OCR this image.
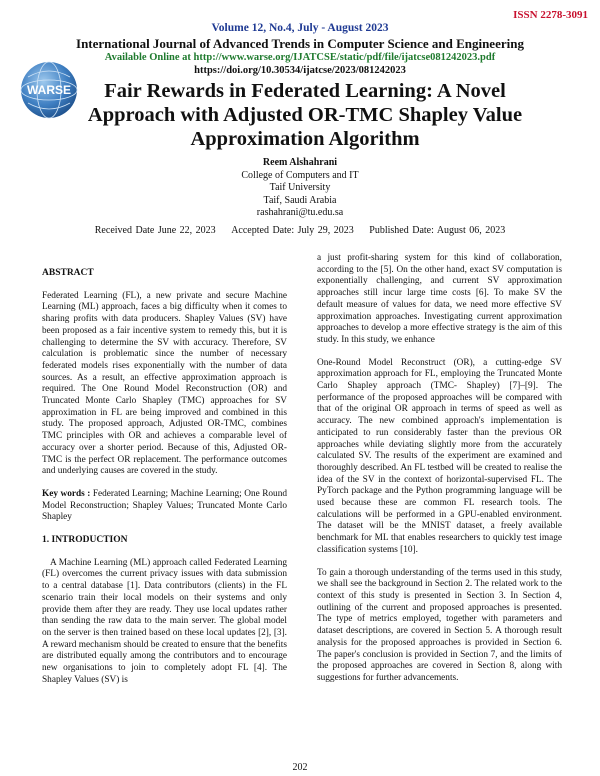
ISSN 2278-3091
Volume 12, No.4, July - August 2023
International Journal of Advanced Trends in Computer Science and Engineering
Available Online at http://www.warse.org/IJATCSE/static/pdf/file/ijatcse081242023.pdf
https://doi.org/10.30534/ijatcse/2023/081242023
WARSE	Fair Rewards in Federated Learning: A Novel Approach with Adjusted OR-TMC Shapley Value Approximation Algorithm
Reem Alshahrani
College of Computers and IT
Taif University
Taif, Saudi Arabia
rashahrani@tu.edu.sa
Received Date June 22, 2023 Accepted Date: July 29, 2023 Published Date: August 06, 2023
ABSTRACT
Federated Learning (FL), a new private and secure Machine Learning (ML) approach, faces a big difficulty when it comes to sharing profits with data producers. Shapley Values (SV) have been proposed as a fair incentive system to remedy this, but it is challenging to determine the SV with accuracy. Therefore, SV calculation is problematic since the number of necessary federated models rises exponentially with the number of data sources. As a result, an effective approximation approach is required. The One Round Model Reconstruction (OR) and Truncated Monte Carlo Shapley (TMC) approaches for SV approximation in FL are being improved and combined in this study. The proposed approach, Adjusted OR-TMC, combines TMC principles with OR and achieves a comparable level of accuracy over a shorter period. Because of this, Adjusted OR-TMC is the perfect OR replacement. The performance outcomes and underlying causes are covered in the study.
Key words : Federated Learning; Machine Learning; One Round Model Reconstruction; Shapley Values; Truncated Monte Carlo Shapley
1. INTRODUCTION
A Machine Learning (ML) approach called Federated Learning (FL) overcomes the current privacy issues with data submission to a central database [1]. Data contributors (clients) in the FL scenario train their local models on their systems and only provide them after they are ready. They use local updates rather than sending the raw data to the main server. The global model on the server is then trained based on these local updates [2], [3]. A reward mechanism should be created to ensure that the benefits are distributed equally among the contributors and to encourage new organisations to join to completely adopt FL [4]. The Shapley Values (SV) is
a just profit-sharing system for this kind of collaboration, according to the [5]. On the other hand, exact SV computation is exponentially challenging, and current SV approximation approaches still incur large time costs [6]. To make SV the default measure of values for data, we need more effective SV approximation approaches. Investigating current approximation approaches to develop a more effective strategy is the aim of this study. In this study, we enhance
One-Round Model Reconstruct (OR), a cutting-edge SV approximation approach for FL, employing the Truncated Monte Carlo Shapley approach (TMC- Shapley) [7]–[9]. The performance of the proposed approaches will be compared with that of the original OR approach in terms of speed as well as accuracy. The new combined approach's implementation is anticipated to run considerably faster than the previous OR approaches while deviating slightly more from the accurately calculated SV. The results of the experiment are examined and thoroughly described. An FL testbed will be created to realise the idea of the SV in the context of horizontal-supervised FL. The PyTorch package and the Python programming language will be used because these are common FL research tools. The calculations will be performed in a GPU-enabled environment. The dataset will be the MNIST dataset, a freely available benchmark for ML that enables researchers to quickly test image classification systems [10].
To gain a thorough understanding of the terms used in this study, we shall see the background in Section 2. The related work to the context of this study is presented in Section 3. In Section 4, outlining of the current and proposed approaches is presented. The type of metrics employed, together with parameters and dataset descriptions, are covered in Section 5. A thorough result analysis for the proposed approaches is provided in Section 6. The paper's conclusion is provided in Section 7, and the limits of the proposed approaches are covered in Section 8, along with suggestions for further advancements.
202
